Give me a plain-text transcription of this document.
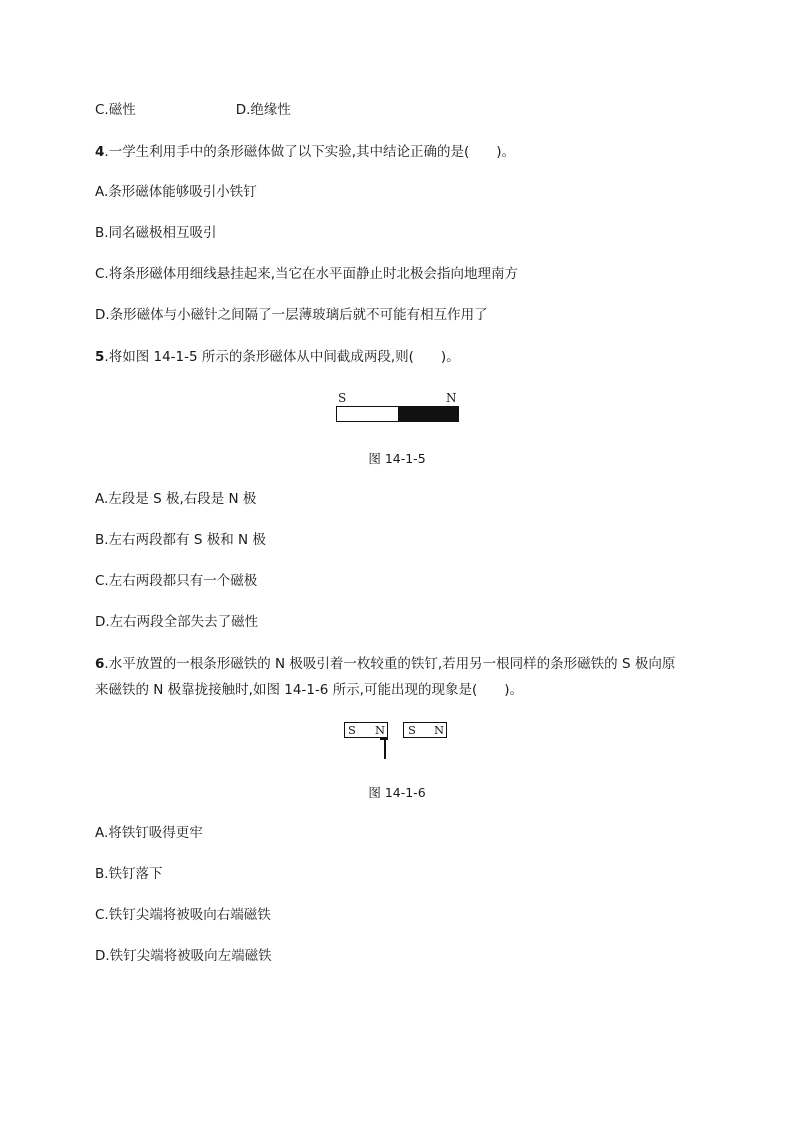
C.磁性	D.绝缘性
4.一学生利用手中的条形磁体做了以下实验,其中结论正确的是(　　)。
A.条形磁体能够吸引小铁钉
B.同名磁极相互吸引
C.将条形磁体用细线悬挂起来,当它在水平面静止时北极会指向地理南方
D.条形磁体与小磁针之间隔了一层薄玻璃后就不可能有相互作用了
5.将如图 14-1-5 所示的条形磁体从中间截成两段,则(　　)。
S	N
图 14-1-5
A.左段是 S 极,右段是 N 极
B.左右两段都有 S 极和 N 极
C.左右两段都只有一个磁极
D.左右两段全部失去了磁性
6.水平放置的一根条形磁铁的 N 极吸引着一枚较重的铁钉,若用另一根同样的条形磁铁的 S 极向原
来磁铁的 N 极靠拢接触时,如图 14-1-6 所示,可能出现的现象是(　　)。
S N S N
图 14-1-6
A.将铁钉吸得更牢
B.铁钉落下
C.铁钉尖端将被吸向右端磁铁
D.铁钉尖端将被吸向左端磁铁
